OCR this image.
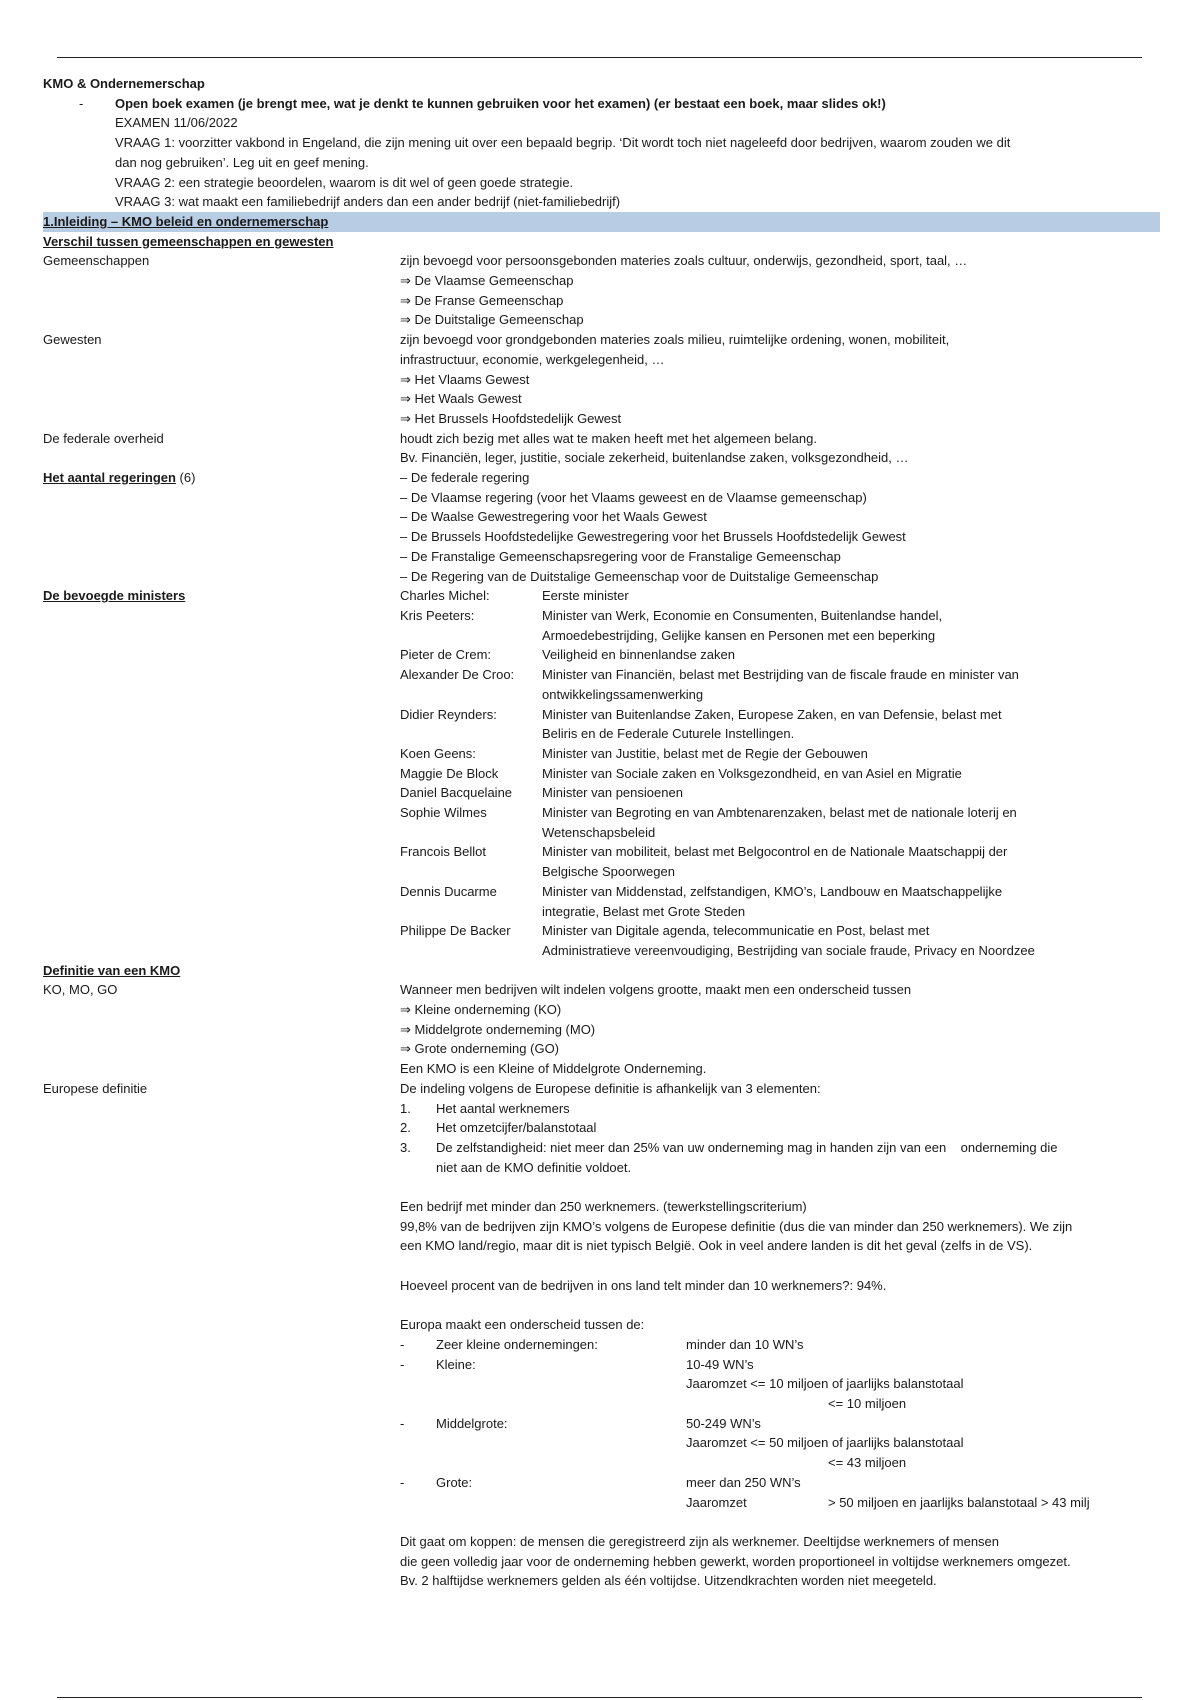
KMO & Ondernemerschap
-	Open boek examen (je brengt mee, wat je denkt te kunnen gebruiken voor het examen) (er bestaat een boek, maar slides ok!)
EXAMEN 11/06/2022
VRAAG 1: voorzitter vakbond in Engeland, die zijn mening uit over een bepaald begrip. ‘Dit wordt toch niet nageleefd door bedrijven, waarom zouden we dit
dan nog gebruiken’. Leg uit en geef mening.
VRAAG 2: een strategie beoordelen, waarom is dit wel of geen goede strategie.
VRAAG 3: wat maakt een familiebedrijf anders dan een ander bedrijf (niet-familiebedrijf)
1.Inleiding – KMO beleid en ondernemerschap
Verschil tussen gemeenschappen en gewesten
Gemeenschappen	zijn bevoegd voor persoonsgebonden materies zoals cultuur, onderwijs, gezondheid, sport, taal, …
⇒ De Vlaamse Gemeenschap
⇒ De Franse Gemeenschap
⇒ De Duitstalige Gemeenschap
Gewesten	zijn bevoegd voor grondgebonden materies zoals milieu, ruimtelijke ordening, wonen, mobiliteit,
infrastructuur, economie, werkgelegenheid, …
⇒ Het Vlaams Gewest
⇒ Het Waals Gewest
⇒ Het Brussels Hoofdstedelijk Gewest
De federale overheid	houdt zich bezig met alles wat te maken heeft met het algemeen belang.
Bv. Financiën, leger, justitie, sociale zekerheid, buitenlandse zaken, volksgezondheid, …
Het aantal regeringen (6)	– De federale regering
– De Vlaamse regering (voor het Vlaams geweest en de Vlaamse gemeenschap)
– De Waalse Gewestregering voor het Waals Gewest
– De Brussels Hoofdstedelijke Gewestregering voor het Brussels Hoofdstedelijk Gewest
– De Franstalige Gemeenschapsregering voor de Franstalige Gemeenschap
– De Regering van de Duitstalige Gemeenschap voor de Duitstalige Gemeenschap
De bevoegde ministers	Charles Michel:	Eerste minister
Kris Peeters:	Minister van Werk, Economie en Consumenten, Buitenlandse handel,
Armoedebestrijding, Gelijke kansen en Personen met een beperking
Pieter de Crem:	Veiligheid en binnenlandse zaken
Alexander De Croo:	Minister van Financiën, belast met Bestrijding van de fiscale fraude en minister van
ontwikkelingssamenwerking
Didier Reynders:	Minister van Buitenlandse Zaken, Europese Zaken, en van Defensie, belast met
Beliris en de Federale Cuturele Instellingen.
Koen Geens:	Minister van Justitie, belast met de Regie der Gebouwen
Maggie De Block	Minister van Sociale zaken en Volksgezondheid, en van Asiel en Migratie
Daniel Bacquelaine	Minister van pensioenen
Sophie Wilmes	Minister van Begroting en van Ambtenarenzaken, belast met de nationale loterij en
Wetenschapsbeleid
Francois Bellot	Minister van mobiliteit, belast met Belgocontrol en de Nationale Maatschappij der
Belgische Spoorwegen
Dennis Ducarme	Minister van Middenstad, zelfstandigen, KMO’s, Landbouw en Maatschappelijke
integratie, Belast met Grote Steden
Philippe De Backer	Minister van Digitale agenda, telecommunicatie en Post, belast met
Administratieve vereenvoudiging, Bestrijding van sociale fraude, Privacy en Noordzee
Definitie van een KMO
KO, MO, GO	Wanneer men bedrijven wilt indelen volgens grootte, maakt men een onderscheid tussen
⇒ Kleine onderneming (KO)
⇒ Middelgrote onderneming (MO)
⇒ Grote onderneming (GO)
Een KMO is een Kleine of Middelgrote Onderneming.
Europese definitie	De indeling volgens de Europese definitie is afhankelijk van 3 elementen:
1.	Het aantal werknemers
2.	Het omzetcijfer/balanstotaal
3.	De zelfstandigheid: niet meer dan 25% van uw onderneming mag in handen zijn van een    onderneming die
niet aan de KMO definitie voldoet.
Een bedrijf met minder dan 250 werknemers. (tewerkstellingscriterium)
99,8% van de bedrijven zijn KMO’s volgens de Europese definitie (dus die van minder dan 250 werknemers). We zijn
een KMO land/regio, maar dit is niet typisch België. Ook in veel andere landen is dit het geval (zelfs in de VS).
Hoeveel procent van de bedrijven in ons land telt minder dan 10 werknemers?: 94%.
Europa maakt een onderscheid tussen de:
-	Zeer kleine ondernemingen:	minder dan 10 WN’s
-	Kleine:	10-49 WN’s
Jaaromzet <= 10 miljoen of jaarlijks balanstotaal
<= 10 miljoen
-	Middelgrote:	50-249 WN’s
Jaaromzet <= 50 miljoen of jaarlijks balanstotaal
<= 43 miljoen
-	Grote:	meer dan 250 WN’s
Jaaromzet	> 50 miljoen en jaarlijks balanstotaal > 43 milj
Dit gaat om koppen: de mensen die geregistreerd zijn als werknemer. Deeltijdse werknemers of mensen
die geen volledig jaar voor de onderneming hebben gewerkt, worden proportioneel in voltijdse werknemers omgezet.
Bv. 2 halftijdse werknemers gelden als één voltijdse. Uitzendkrachten worden niet meegeteld.
